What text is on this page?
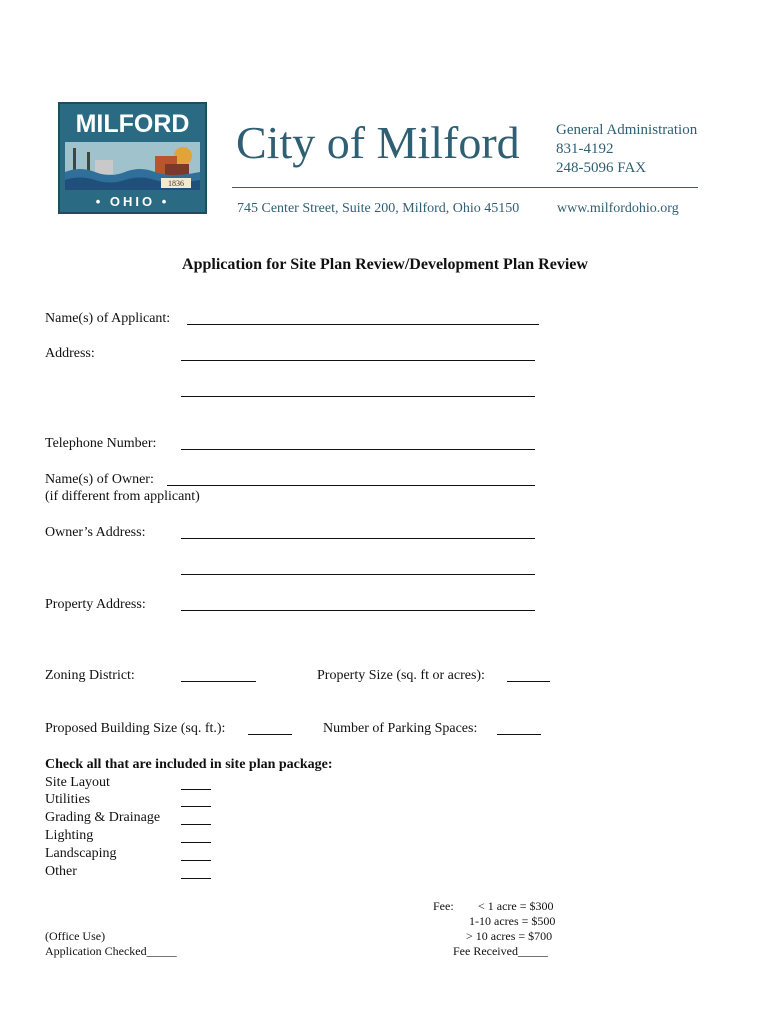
MILFORD
1836
• OHIO •
City of Milford General Administration
831-4192
248-5096 FAX
745 Center Street, Suite 200, Milford, Ohio 45150	www.milfordohio.org
Application for Site Plan Review/Development Plan Review
Name(s) of Applicant:
Address:
Telephone Number:
Name(s) of Owner:
(if different from applicant)
Owner’s Address:
Property Address:
Zoning District:	Property Size (sq. ft or acres):
Proposed Building Size (sq. ft.):	Number of Parking Spaces:
Check all that are included in site plan package:
Site Layout
Utilities
Grading & Drainage
Lighting
Landscaping
Other
Fee: < 1 acre = $300
1-10 acres = $500
> 10 acres = $700
(Office Use)
Application Checked_____	Fee Received_____
